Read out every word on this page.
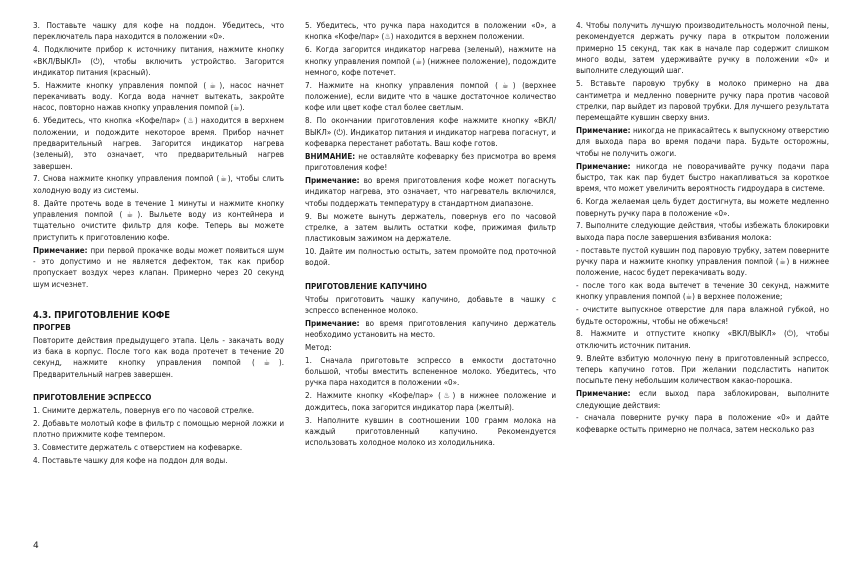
3. Поставьте чашку для кофе на поддон. Убедитесь, что переключатель пара находится в положении «0».
4. Подключите прибор к источнику питания, нажмите кнопку «ВКЛ/ВЫКЛ» (⏻), чтобы включить устройство. Загорится индикатор питания (красный).
5. Нажмите кнопку управления помпой (☕), насос начнет перекачивать воду. Когда вода начнет вытекать, закройте насос, повторно нажав кнопку управления помпой (☕).
6. Убедитесь, что кнопка «Кофе/пар» (♨) находится в верхнем положении, и подождите некоторое время. Прибор начнет предварительный нагрев. Загорится индикатор нагрева (зеленый), это означает, что предварительный нагрев завершен.
7. Снова нажмите кнопку управления помпой (☕), чтобы слить холодную воду из системы.
8. Дайте протечь воде в течение 1 минуты и нажмите кнопку управления помпой (☕). Выльете воду из контейнера и тщательно очистите фильтр для кофе. Теперь вы можете приступить к приготовлению кофе.
Примечание: при первой прокачке воды может появиться шум - это допустимо и не является дефектом, так как прибор пропускает воздух через клапан. Примерно через 20 секунд шум исчезнет.
4.3. ПРИГОТОВЛЕНИЕ КОФЕ
ПРОГРЕВ
Повторите действия предыдущего этапа. Цель - закачать воду из бака в корпус. После того как вода протечет в течение 20 секунд, нажмите кнопку управления помпой (☕). Предварительный нагрев завершен.
ПРИГОТОВЛЕНИЕ ЭСПРЕССО
1. Снимите держатель, повернув его по часовой стрелке.
2. Добавьте молотый кофе в фильтр с помощью мерной ложки и плотно прижмите кофе темпером.
3. Совместите держатель с отверстием на кофеварке.
4. Поставьте чашку для кофе на поддон для воды.
5. Убедитесь, что ручка пара находится в положении «0», а кнопка «Кофе/пар» (♨) находится в верхнем положении.
6. Когда загорится индикатор нагрева (зеленый), нажмите на кнопку управления помпой (☕) (нижнее положение), подождите немного, кофе потечет.
7. Нажмите на кнопку управления помпой (☕) (верхнее положение), если видите что в чашке достаточное количество кофе или цвет кофе стал более светлым.
8. По окончании приготовления кофе нажмите кнопку «ВКЛ/ВЫКЛ» (⏻). Индикатор питания и индикатор нагрева погаснут, и кофеварка перестанет работать. Ваш кофе готов.
ВНИМАНИЕ: не оставляйте кофеварку без присмотра во время приготовления кофе!
Примечание: во время приготовления кофе может погаснуть индикатор нагрева, это означает, что нагреватель включился, чтобы поддержать температуру в стандартном диапазоне.
9. Вы можете вынуть держатель, повернув его по часовой стрелке, а затем вылить остатки кофе, прижимая фильтр пластиковым зажимом на держателе.
10. Дайте им полностью остыть, затем промойте под проточной водой.
ПРИГОТОВЛЕНИЕ КАПУЧИНО
Чтобы приготовить чашку капучино, добавьте в чашку с эспрессо вспененное молоко.
Примечание: во время приготовления капучино держатель необходимо установить на место.
Метод:
1. Сначала приготовьте эспрессо в емкости достаточно большой, чтобы вместить вспененное молоко. Убедитесь, что ручка пара находится в положении «0».
2. Нажмите кнопку «Кофе/пар» (♨) в нижнее положение и дождитесь, пока загорится индикатор пара (желтый).
3. Наполните кувшин в соотношении 100 грамм молока на каждый приготовленный капучино. Рекомендуется использовать холодное молоко из холодильника.
4. Чтобы получить лучшую производительность молочной пены, рекомендуется держать ручку пара в открытом положении примерно 15 секунд, так как в начале пар содержит слишком много воды, затем удерживайте ручку в положении «0» и выполните следующий шаг.
5. Вставьте паровую трубку в молоко примерно на два сантиметра и медленно поверните ручку пара против часовой стрелки, пар выйдет из паровой трубки. Для лучшего результата перемещайте кувшин сверху вниз.
Примечание: никогда не прикасайтесь к выпускному отверстию для выхода пара во время подачи пара. Будьте осторожны, чтобы не получить ожоги.
Примечание: никогда не поворачивайте ручку подачи пара быстро, так как пар будет быстро накапливаться за короткое время, что может увеличить вероятность гидроудара в системе.
6. Когда желаемая цель будет достигнута, вы можете медленно повернуть ручку пара в положение «0».
7. Выполните следующие действия, чтобы избежать блокировки выхода пара после завершения взбивания молока:
- поставьте пустой кувшин под паровую трубку, затем поверните ручку пара и нажмите кнопку управления помпой (☕) в нижнее положение, насос будет перекачивать воду.
- после того как вода вытечет в течение 30 секунд, нажмите кнопку управления помпой (☕) в верхнее положение;
- очистите выпускное отверстие для пара влажной губкой, но будьте осторожны, чтобы не обжечься!
8. Нажмите и отпустите кнопку «ВКЛ/ВЫКЛ» (⏻), чтобы отключить источник питания.
9. Влейте взбитую молочную пену в приготовленный эспрессо, теперь капучино готов. При желании подсластить напиток посыпьте пену небольшим количеством какао-порошка.
Примечание: если выход пара заблокирован, выполните следующие действия:
- сначала поверните ручку пара в положение «0» и дайте кофеварке остыть примерно не полчаса, затем несколько раз
4
